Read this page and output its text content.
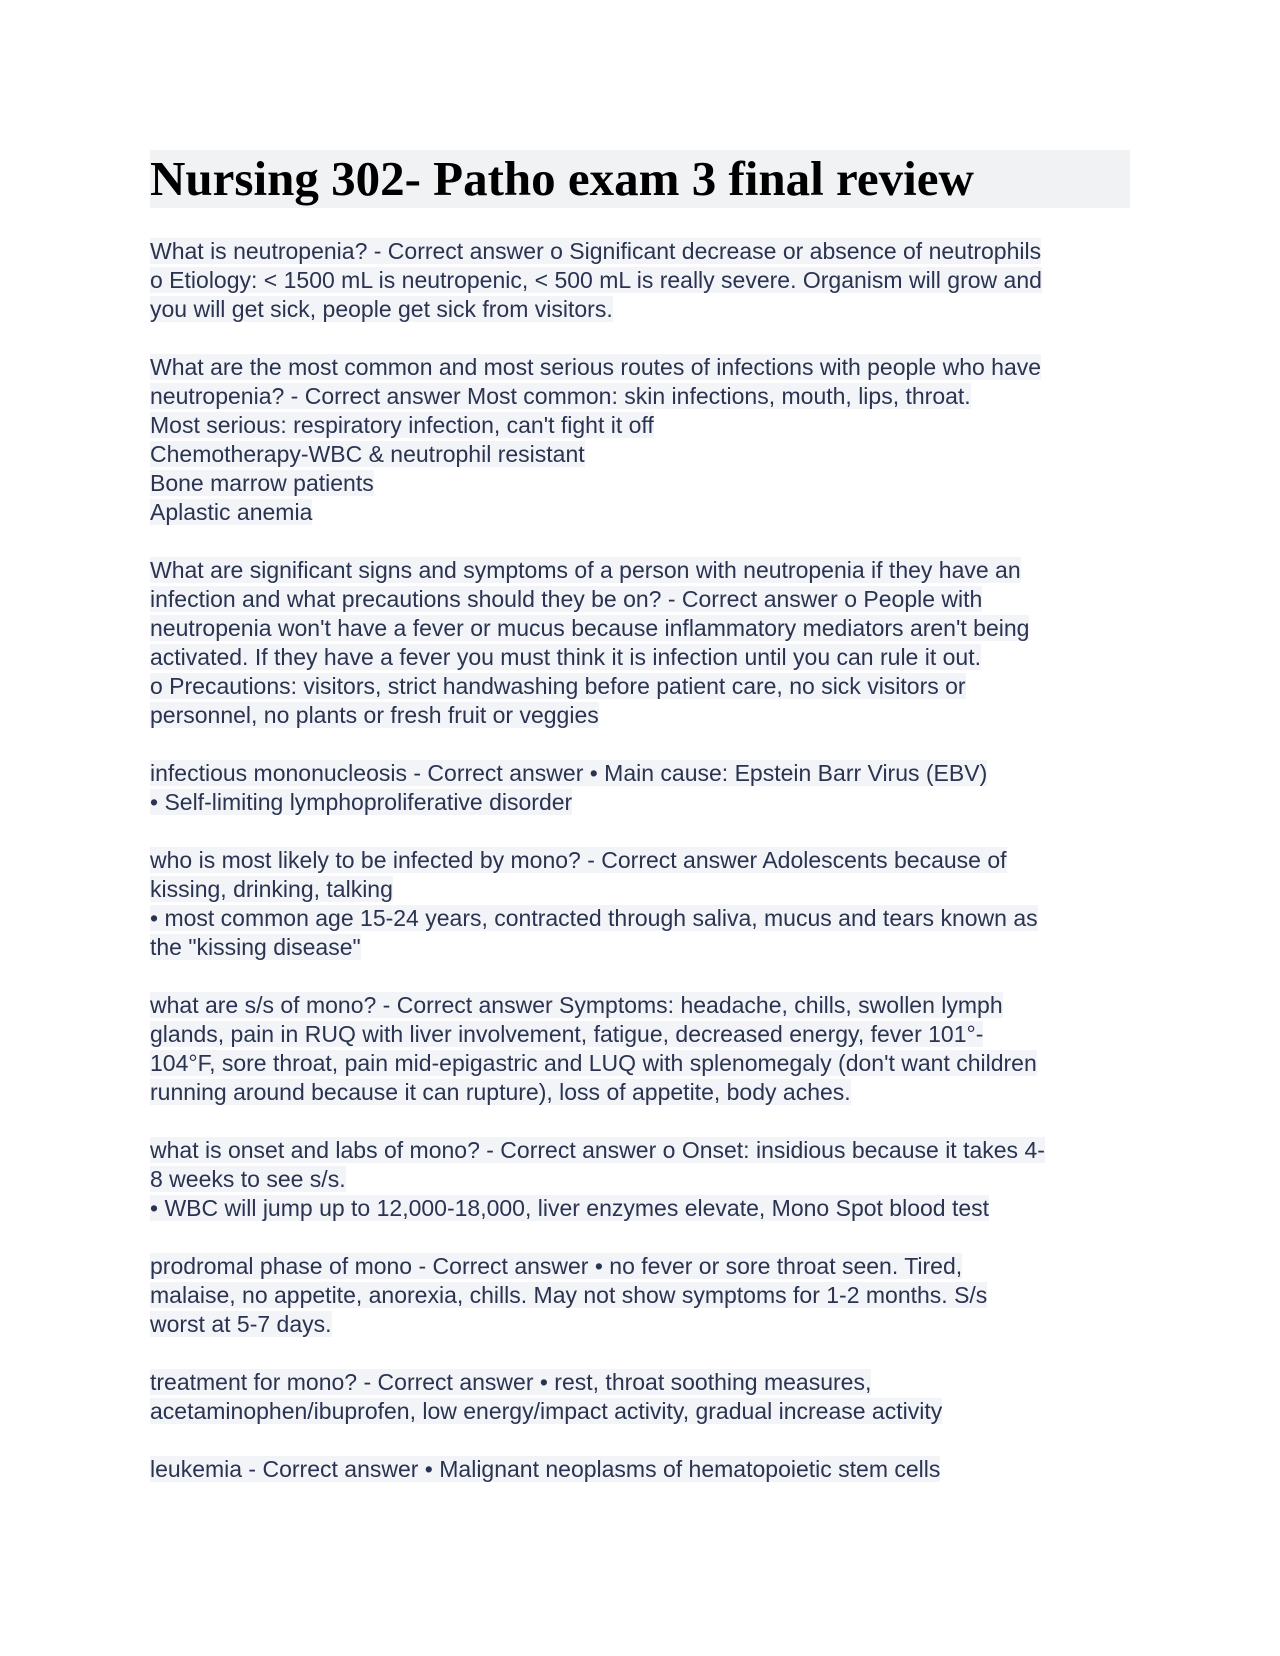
Nursing 302- Patho exam 3 final review
What is neutropenia? - Correct answer o Significant decrease or absence of neutrophils
o Etiology: < 1500 mL is neutropenic, < 500 mL is really severe. Organism will grow and
you will get sick, people get sick from visitors.
What are the most common and most serious routes of infections with people who have
neutropenia? - Correct answer Most common: skin infections, mouth, lips, throat.
Most serious: respiratory infection, can't fight it off
Chemotherapy-WBC & neutrophil resistant
Bone marrow patients
Aplastic anemia
What are significant signs and symptoms of a person with neutropenia if they have an
infection and what precautions should they be on? - Correct answer o People with
neutropenia won't have a fever or mucus because inflammatory mediators aren't being
activated. If they have a fever you must think it is infection until you can rule it out.
o Precautions: visitors, strict handwashing before patient care, no sick visitors or
personnel, no plants or fresh fruit or veggies
infectious mononucleosis - Correct answer • Main cause: Epstein Barr Virus (EBV)
• Self-limiting lymphoproliferative disorder
who is most likely to be infected by mono? - Correct answer Adolescents because of
kissing, drinking, talking
• most common age 15-24 years, contracted through saliva, mucus and tears known as
the "kissing disease"
what are s/s of mono? - Correct answer Symptoms: headache, chills, swollen lymph
glands, pain in RUQ with liver involvement, fatigue, decreased energy, fever 101°-
104°F, sore throat, pain mid-epigastric and LUQ with splenomegaly (don't want children
running around because it can rupture), loss of appetite, body aches.
what is onset and labs of mono? - Correct answer o Onset: insidious because it takes 4-
8 weeks to see s/s.
• WBC will jump up to 12,000-18,000, liver enzymes elevate, Mono Spot blood test
prodromal phase of mono - Correct answer • no fever or sore throat seen. Tired,
malaise, no appetite, anorexia, chills. May not show symptoms for 1-2 months. S/s
worst at 5-7 days.
treatment for mono? - Correct answer • rest, throat soothing measures,
acetaminophen/ibuprofen, low energy/impact activity, gradual increase activity
leukemia - Correct answer • Malignant neoplasms of hematopoietic stem cells
